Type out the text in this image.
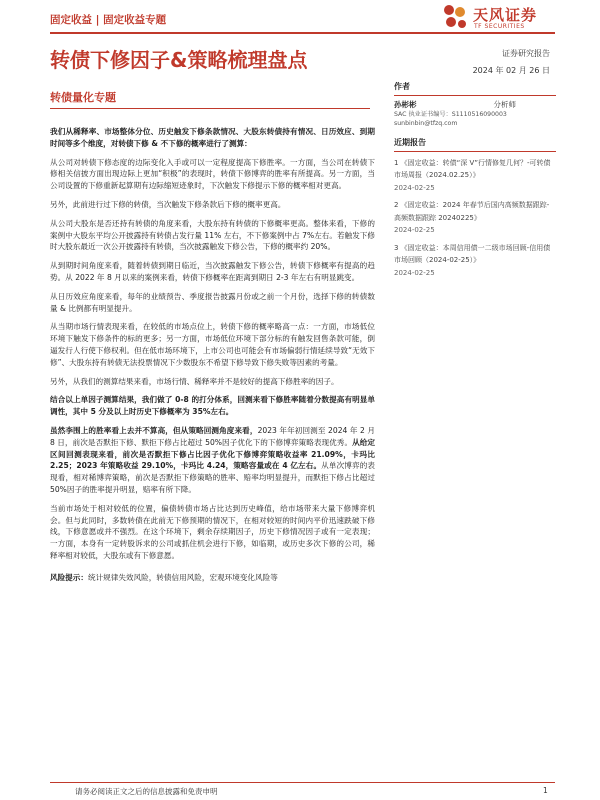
固定收益 | 固定收益专题	天风证券
TF SECURITIES
转债下修因子&策略梳理盘点	证券研究报告
2024 年 02 月 26 日
转债量化专题

我们从稀释率、市场整体分位、历史触发下修条款情况、大股东转债持有情况、日历效应、到期时间等多个维度，对转债下修 & 不下修的概率进行了测算：

从公司对转债下修态度的边际变化入手或可以一定程度提高下修胜率。一方面，当公司在转债下修相关信披方面出现边际上更加“积极”的表现时，转债下修博弈的胜率有所提高。另一方面，当公司设置的下修重新起算期有边际缩短迹象时，下次触发下修提示下修的概率相对更高。

另外，此前进行过下修的转债，当次触发下修条款后下修的概率更高。

从公司大股东是否还持有转债的角度来看，大股东持有转债的下修概率更高。整体来看，下修的案例中大股东平均公开披露持有转债占发行量 11% 左右，不下修案例中占 7%左右。若触发下修时大股东最近一次公开披露持有转债，当次披露触发下修公告，下修的概率约 20%。

从到期时间角度来看，随着转债到期日临近，当次披露触发下修公告，转债下修概率有提高的趋势。从 2022 年 8 月以来的案例来看，转债下修概率在距离到期日 2-3 年左右有明显跳变。

从日历效应角度来看，每年的业绩预告、季度报告披露月份或之前一个月份，选择下修的转债数量 & 比例都有明显提升。

从当期市场行情表现来看，在较低的市场点位上，转债下修的概率略高一点：一方面，市场低位环境下触发下修条件的标的更多；另一方面，市场低位环境下部分标的有触发回售条款可能，倒逼发行人行使下修权利。但在低市场环境下，上市公司也可能会有市场偏弱行情延续导致“无效下修”、大股东持有转债无法投票情况下少数股东不希望下修导致下修失败等因素的考量。

另外，从我们的测算结果来看，市场行情、稀释率并不是较好的提高下修胜率的因子。

结合以上单因子测算结果，我们做了 0-8 的打分体系，回测来看下修胜率随着分数提高有明显单调性，其中 5 分及以上时历史下修概率为 35%左右。

虽然李围上的胜率看上去并不算高，但从策略回测角度来看，2023 年年初回测至 2024 年 2 月 8 日，前次是否默拒下修、默拒下修占比超过 50%因子优化下的下修博弈策略表现优秀。从给定区间回测表现来看，前次是否默拒下修占比因子优化下修博弈策略收益率 21.09%，卡玛比 2.25；2023 年策略收益 29.10%，卡玛比 4.24，策略容量或在 4 亿左右。从单次博弈的表现看，相对稀博弈策略，前次是否默拒下修策略的胜率、赔率均明显提升，而默拒下修占比超过 50%因子的胜率提升明显，赔率有所下降。

当前市场处于相对较低的位置，偏债转债市场占比达到历史峰值，给市场带来大量下修博弈机会。但与此同时，多数转债在此前无下修预期的情况下，在相对较短的时间内平价迅速跌破下修线，下修意愿或并不强烈。在这个环境下，剩余存续期因子，历史下修情况因子或有一定表现；一方面，本身有一定转股诉求的公司或抓住机会进行下修，如临期，或历史多次下修的公司，稀释率相对较低，大股东或有下修意愿。

风险提示：统计规律失效风险，转债信用风险，宏观环境变化风险等

作者
孙彬彬	分析师
SAC 执业证书编号：S1110516090003
sunbinbin@tfzq.com
近期报告
1 《固定收益：转债“深 V”行情修复几何？-可转债市场周报（2024.02.25）》
2024-02-25
2 《固定收益：2024 年春节后国内高频数据跟踪-高频数据跟踪 20240225》
2024-02-25
3 《固定收益：本周信用债一二级市场回顾-信用债市场回顾（2024-02-25）》
2024-02-25
请务必阅读正文之后的信息披露和免责申明	1
